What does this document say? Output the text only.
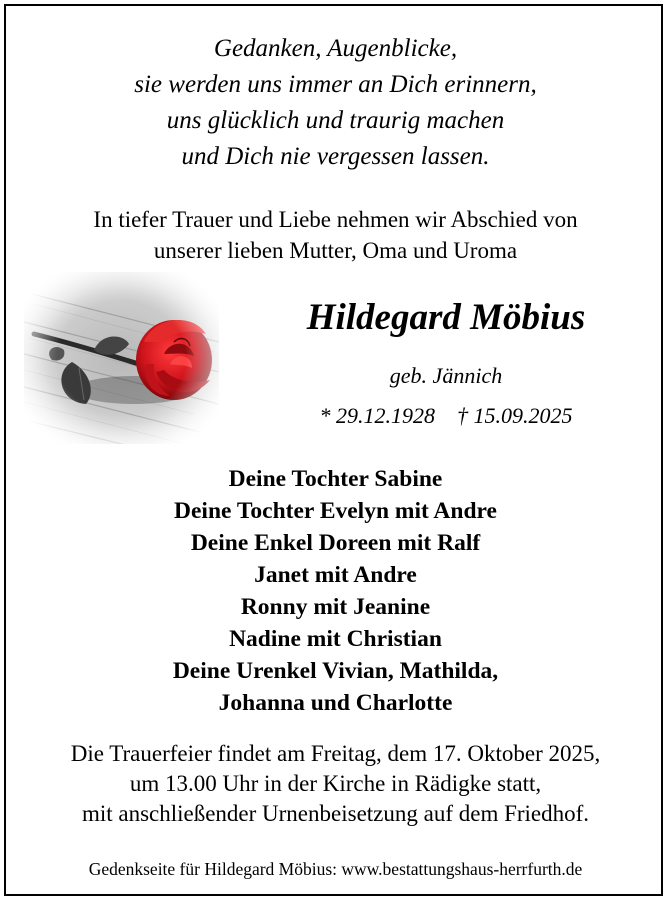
Gedanken, Augenblicke,
sie werden uns immer an Dich erinnern,
uns glücklich und traurig machen
und Dich nie vergessen lassen.
In tiefer Trauer und Liebe nehmen wir Abschied von
unserer lieben Mutter, Oma und Uroma
Hildegard Möbius
geb. Jännich
* 29.12.1928    † 15.09.2025
Deine Tochter Sabine
Deine Tochter Evelyn mit Andre
Deine Enkel Doreen mit Ralf
Janet mit Andre
Ronny mit Jeanine
Nadine mit Christian
Deine Urenkel Vivian, Mathilda,
Johanna und Charlotte
Die Trauerfeier findet am Freitag, dem 17. Oktober 2025,
um 13.00 Uhr in der Kirche in Rädigke statt,
mit anschließender Urnenbeisetzung auf dem Friedhof.
Gedenkseite für Hildegard Möbius: www.bestattungshaus-herrfurth.de
